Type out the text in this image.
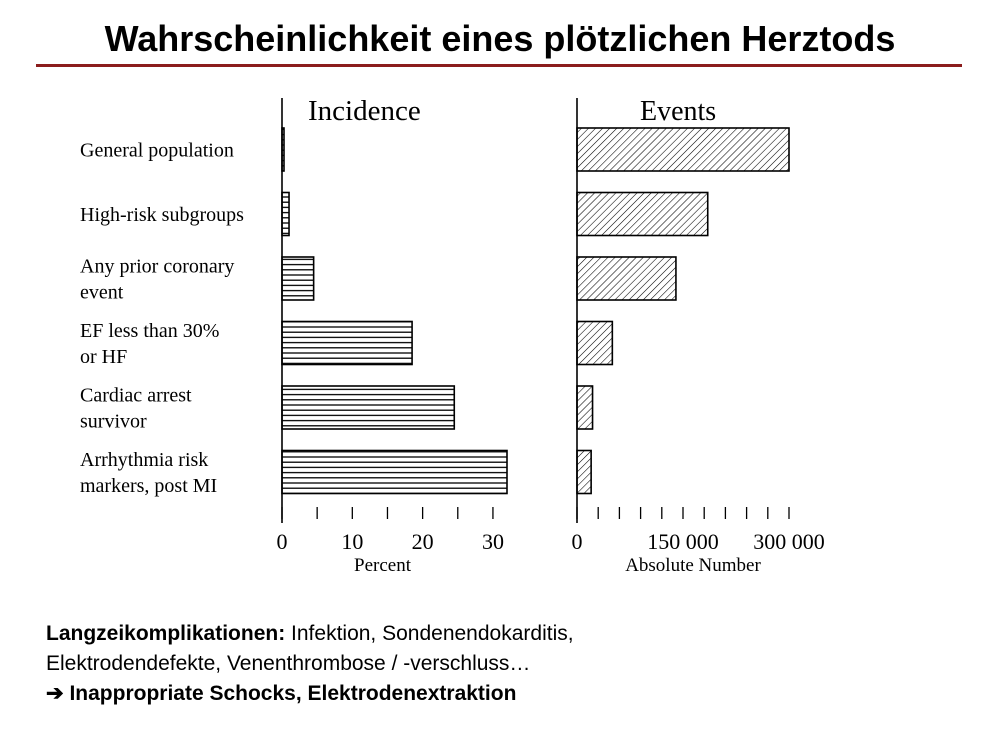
Wahrscheinlichkeit eines plötzlichen Herztods
General population
High-risk subgroups
Any prior coronary
event
EF less than 30%
or HF
Cardiac arrest
survivor
Arrhythmia risk
markers, post MI
Incidence
0 10 20 30
Percent
Events
0	150 000 300 000
Absolute Number
Langzeikomplikationen: Infektion, Sondenendokarditis,
Elektrodendefekte, Venenthrombose / -verschluss…
➔ Inappropriate Schocks, Elektrodenextraktion
